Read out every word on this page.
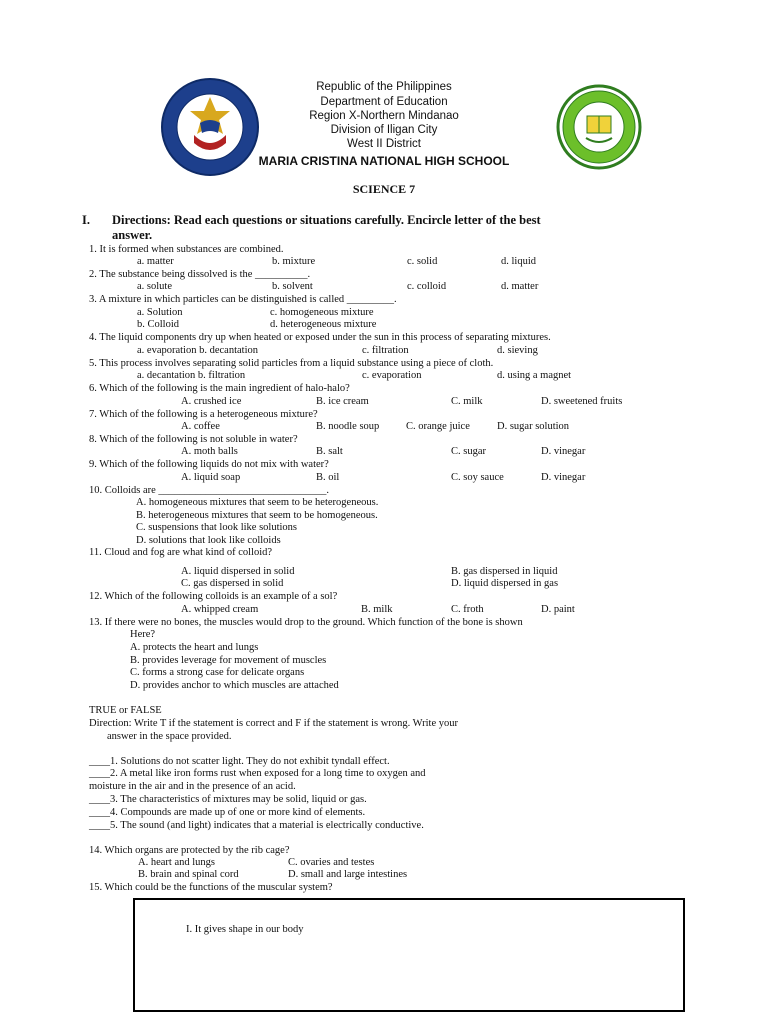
Republic of the Philippines
Department of Education
Region X-Northern Mindanao
Division of Iligan City
West II District
MARIA CRISTINA NATIONAL HIGH SCHOOL
SCIENCE 7
I. Directions: Read each questions or situations carefully. Encircle letter of the best
answer.
1. It is formed when substances are combined.
a. matter	b. mixture	c. solid	d. liquid
2. The substance being dissolved is the __________.
a. solute	b. solvent	c. colloid	d. matter
3. A mixture in which particles can be distinguished is called _________.
a. Solution	c. homogeneous mixture
b. Colloid	d. heterogeneous mixture
4. The liquid components dry up when heated or exposed under the sun in this process of separating mixtures.
a. evaporation b. decantation	c. filtration	d. sieving
5. This process involves separating solid particles from a liquid substance using a piece of cloth.
a. decantation b. filtration	c. evaporation	d. using a magnet
6. Which of the following is the main ingredient of halo-halo?
A. crushed ice	B. ice cream	C. milk	D. sweetened fruits
7. Which of the following is a heterogeneous mixture?
A. coffee	B. noodle soup	C. orange juice	D. sugar solution
8. Which of the following is not soluble in water?
A. moth balls	B. salt	C. sugar	D. vinegar
9. Which of the following liquids do not mix with water?
A. liquid soap	B. oil	C. soy sauce	D. vinegar
10. Colloids are ________________________________.
A. homogeneous mixtures that seem to be heterogeneous.
B. heterogeneous mixtures that seem to be homogeneous.
C. suspensions that look like solutions
D. solutions that look like colloids
11. Cloud and fog are what kind of colloid?
A. liquid dispersed in solid	B. gas dispersed in liquid
C. gas dispersed in solid	D. liquid dispersed in gas
12. Which of the following colloids is an example of a sol?
A. whipped cream	B. milk	C. froth	D. paint
13. If there were no bones, the muscles would drop to the ground. Which function of the bone is shown
Here?
A. protects the heart and lungs
B. provides leverage for movement of muscles
C. forms a strong case for delicate organs
D. provides anchor to which muscles are attached
TRUE or FALSE
Direction: Write T if the statement is correct and F if the statement is wrong. Write your
answer in the space provided.
____1. Solutions do not scatter light. They do not exhibit tyndall effect.
____2. A metal like iron forms rust when exposed for a long time to oxygen and
moisture in the air and in the presence of an acid.
____3. The characteristics of mixtures may be solid, liquid or gas.
____4. Compounds are made up of one or more kind of elements.
____5. The sound (and light) indicates that a material is electrically conductive.
14. Which organs are protected by the rib cage?
A. heart and lungs	C. ovaries and testes
B. brain and spinal cord	D. small and large intestines
15. Which could be the functions of the muscular system?
I. It gives shape in our body
